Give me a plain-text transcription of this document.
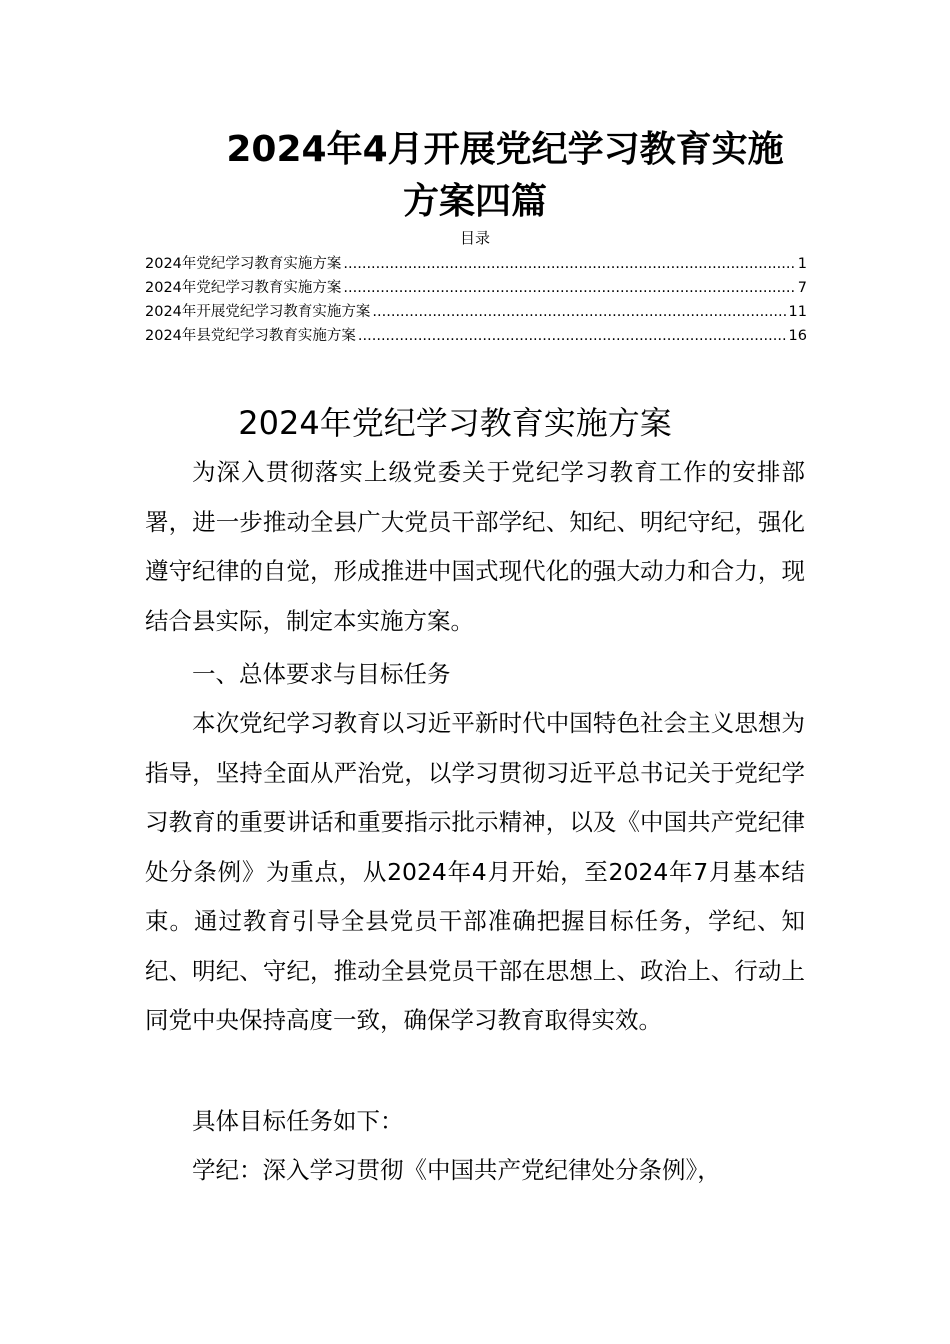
2024年4月开展党纪学习教育实施
方案四篇
目录
2024年党纪学习教育实施方案 .....	1
2024年党纪学习教育实施方案 .....	7
2024年开展党纪学习教育实施方案 .....	11
2024年县党纪学习教育实施方案 .....	16
2024年党纪学习教育实施方案

为深入贯彻落实上级党委关于党纪学习教育工作的安排部署，进一步推动全县广大党员干部学纪、知纪、明纪守纪，强化遵守纪律的自觉，形成推进中国式现代化的强大动力和合力，现结合县实际，制定本实施方案。

一、总体要求与目标任务

本次党纪学习教育以习近平新时代中国特色社会主义思想为指导，坚持全面从严治党，以学习贯彻习近平总书记关于党纪学习教育的重要讲话和重要指示批示精神，以及《中国共产党纪律处分条例》为重点，从2024年4月开始，至2024年7月基本结束。通过教育引导全县党员干部准确把握目标任务，学纪、知纪、明纪、守纪，推动全县党员干部在思想上、政治上、行动上同党中央保持高度一致，确保学习教育取得实效。

具体目标任务如下：

学纪：深入学习贯彻《中国共产党纪律处分条例》，
